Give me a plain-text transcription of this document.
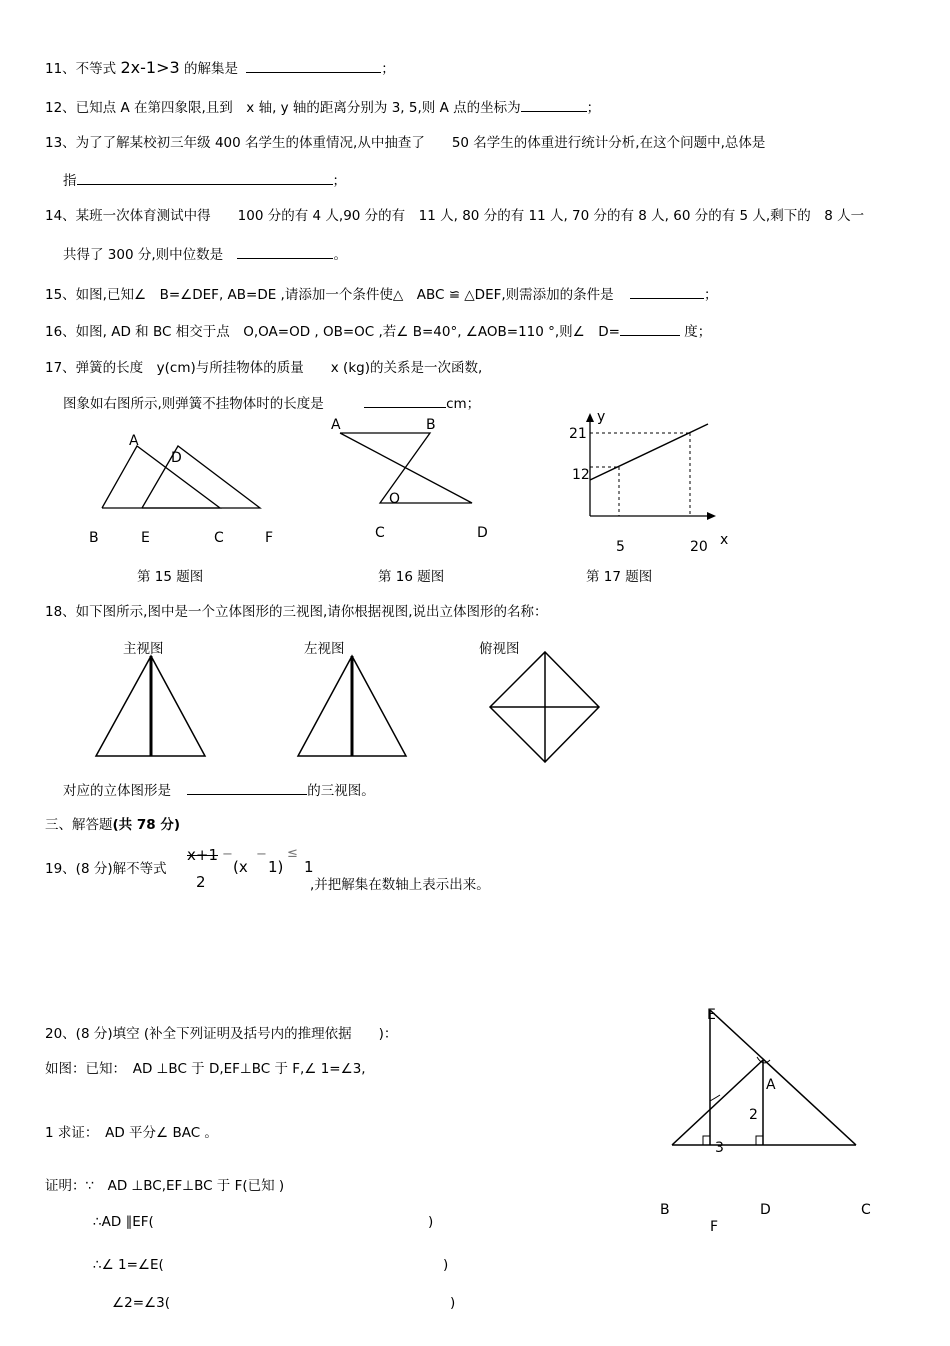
11、不等式 2x-1>3 的解集是	；
12、已知点 A 在第四象限,且到　x 轴, y 轴的距离分别为 3, 5,则 A 点的坐标为	；
13、为了了解某校初三年级 400 名学生的体重情况,从中抽查了　　50 名学生的体重进行统计分析,在这个问题中,总体是
指	；
14、某班一次体育测试中得　　100 分的有 4 人,90 分的有　11 人, 80 分的有 11 人, 70 分的有 8 人, 60 分的有 5 人,剩下的　8 人一
共得了 300 分,则中位数是	。
15、如图,已知∠　B=∠DEF, AB=DE ,请添加一个条件使△　ABC ≌ △DEF,则需添加的条件是	；
16、如图, AD 和 BC 相交于点　O,OA=OD , OB=OC ,若∠ B=40°, ∠AOB=110 °,则∠　D=	度；
17、弹簧的长度　y(cm)与所挂物体的质量　　x (kg)的关系是一次函数,
图象如右图所示,则弹簧不挂物体时的长度是	cm；
A
D
B	E	C	F
第 15 题图
A	B
O
C	D
第 16 题图
y
21
12
5	20 x
第 17 题图
18、如下图所示,图中是一个立体图形的三视图,请你根据视图,说出立体图形的名称：
主视图	左视图	俯视图
对应的立体图形是	的三视图。
三、解答题(共 78 分)
19、(8 分)解不等式
x+1 −
2
(x
−
1)
≤
1
,并把解集在数轴上表示出来。
20、(8 分)填空 (补全下列证明及括号内的推理依据　　)：
如图：已知：　AD ⊥BC 于 D,EF⊥BC 于 F,∠ 1=∠3,
1 求证：　AD 平分∠ BAC 。
证明：∵　AD ⊥BC,EF⊥BC 于 F(已知 )
∴AD ∥EF(	)
∴∠ 1=∠E(	)
∠2=∠3(	)
E
A
2
3
B	D	C
F
